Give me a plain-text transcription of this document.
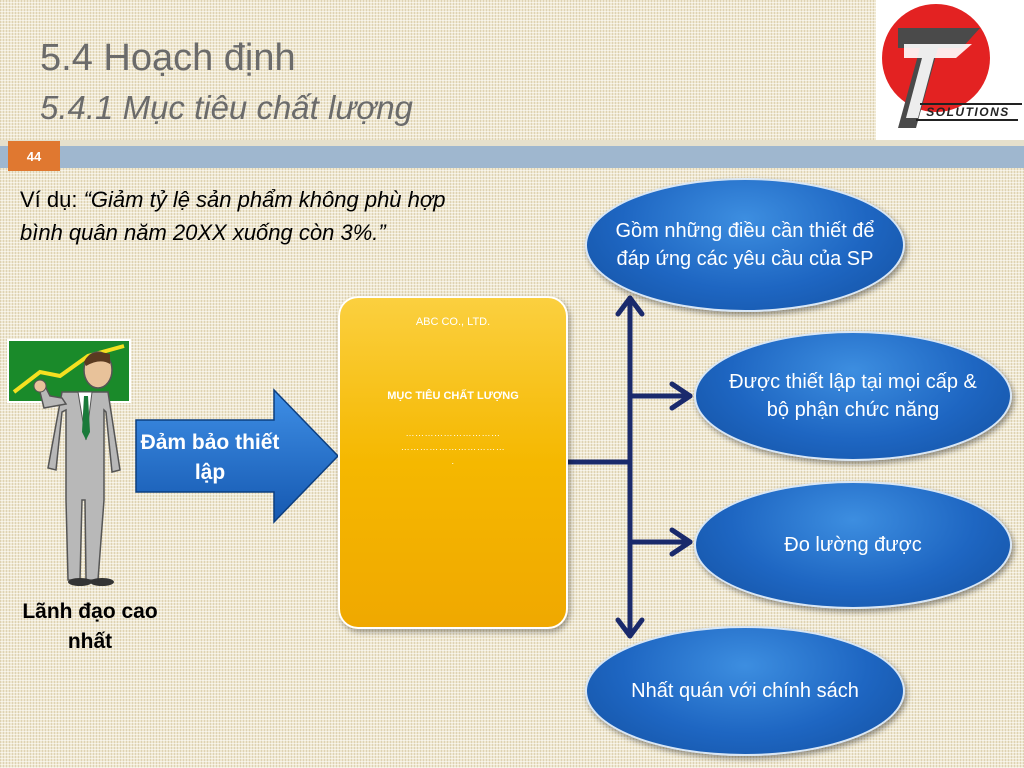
44
5.4 Hoạch định
5.4.1 Mục tiêu chất lượng	SOLUTIONS
Ví dụ: “Giảm tỷ lệ sản phẩm không phù hợp bình quân năm 20XX xuống còn 3%.”
Đảm bảo thiết lập
Lãnh đạo cao nhất
ABC CO., LTD.
MỤC TIÊU CHẤT LƯỢNG
…………………………
……………………………
.
Gồm những điều cần thiết để đáp ứng các yêu cầu của SP
Được thiết lập tại mọi cấp & bộ phận chức năng
Đo lường được
Nhất quán với chính sách
